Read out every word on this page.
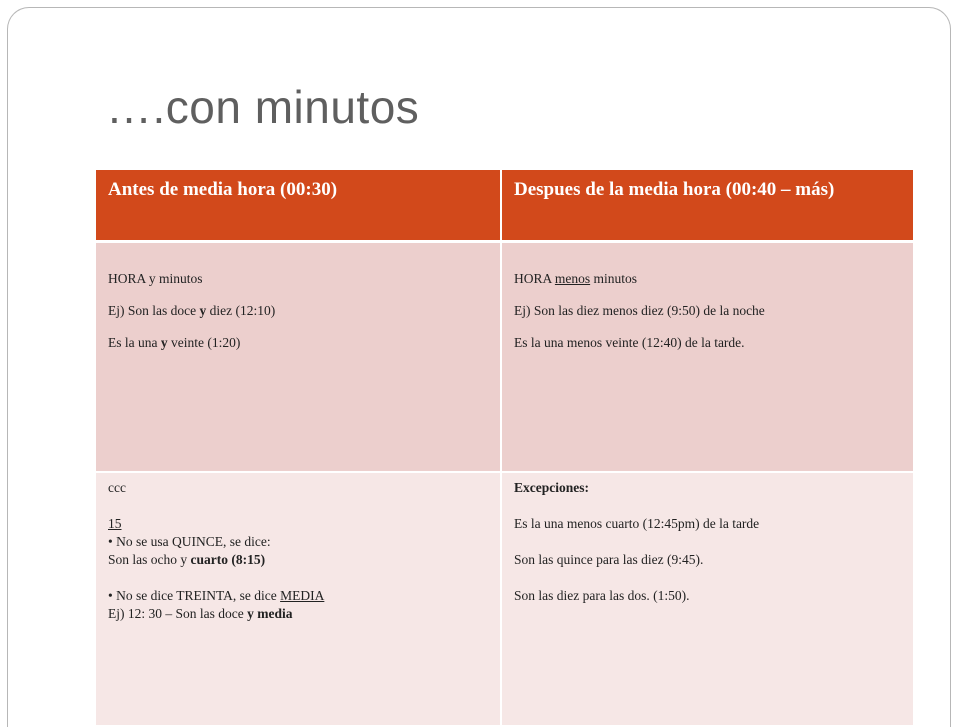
….con minutos
Antes de media hora (00:30)	Despues de la media hora (00:40 – más)
HORA y minutos
Ej) Son las doce y diez (12:10)
Es la una y veinte (1:20)
HORA menos minutos
Ej) Son las diez menos diez (9:50) de la noche
Es la una menos veinte (12:40) de la tarde.
ccc
15
• No se usa QUINCE, se dice:
Son las ocho y cuarto (8:15)
• No se dice TREINTA, se dice MEDIA
Ej) 12: 30 – Son las doce y media
Excepciones:
Es la una menos cuarto (12:45pm) de la tarde
Son las quince para las diez (9:45).
Son las diez para las dos. (1:50).
